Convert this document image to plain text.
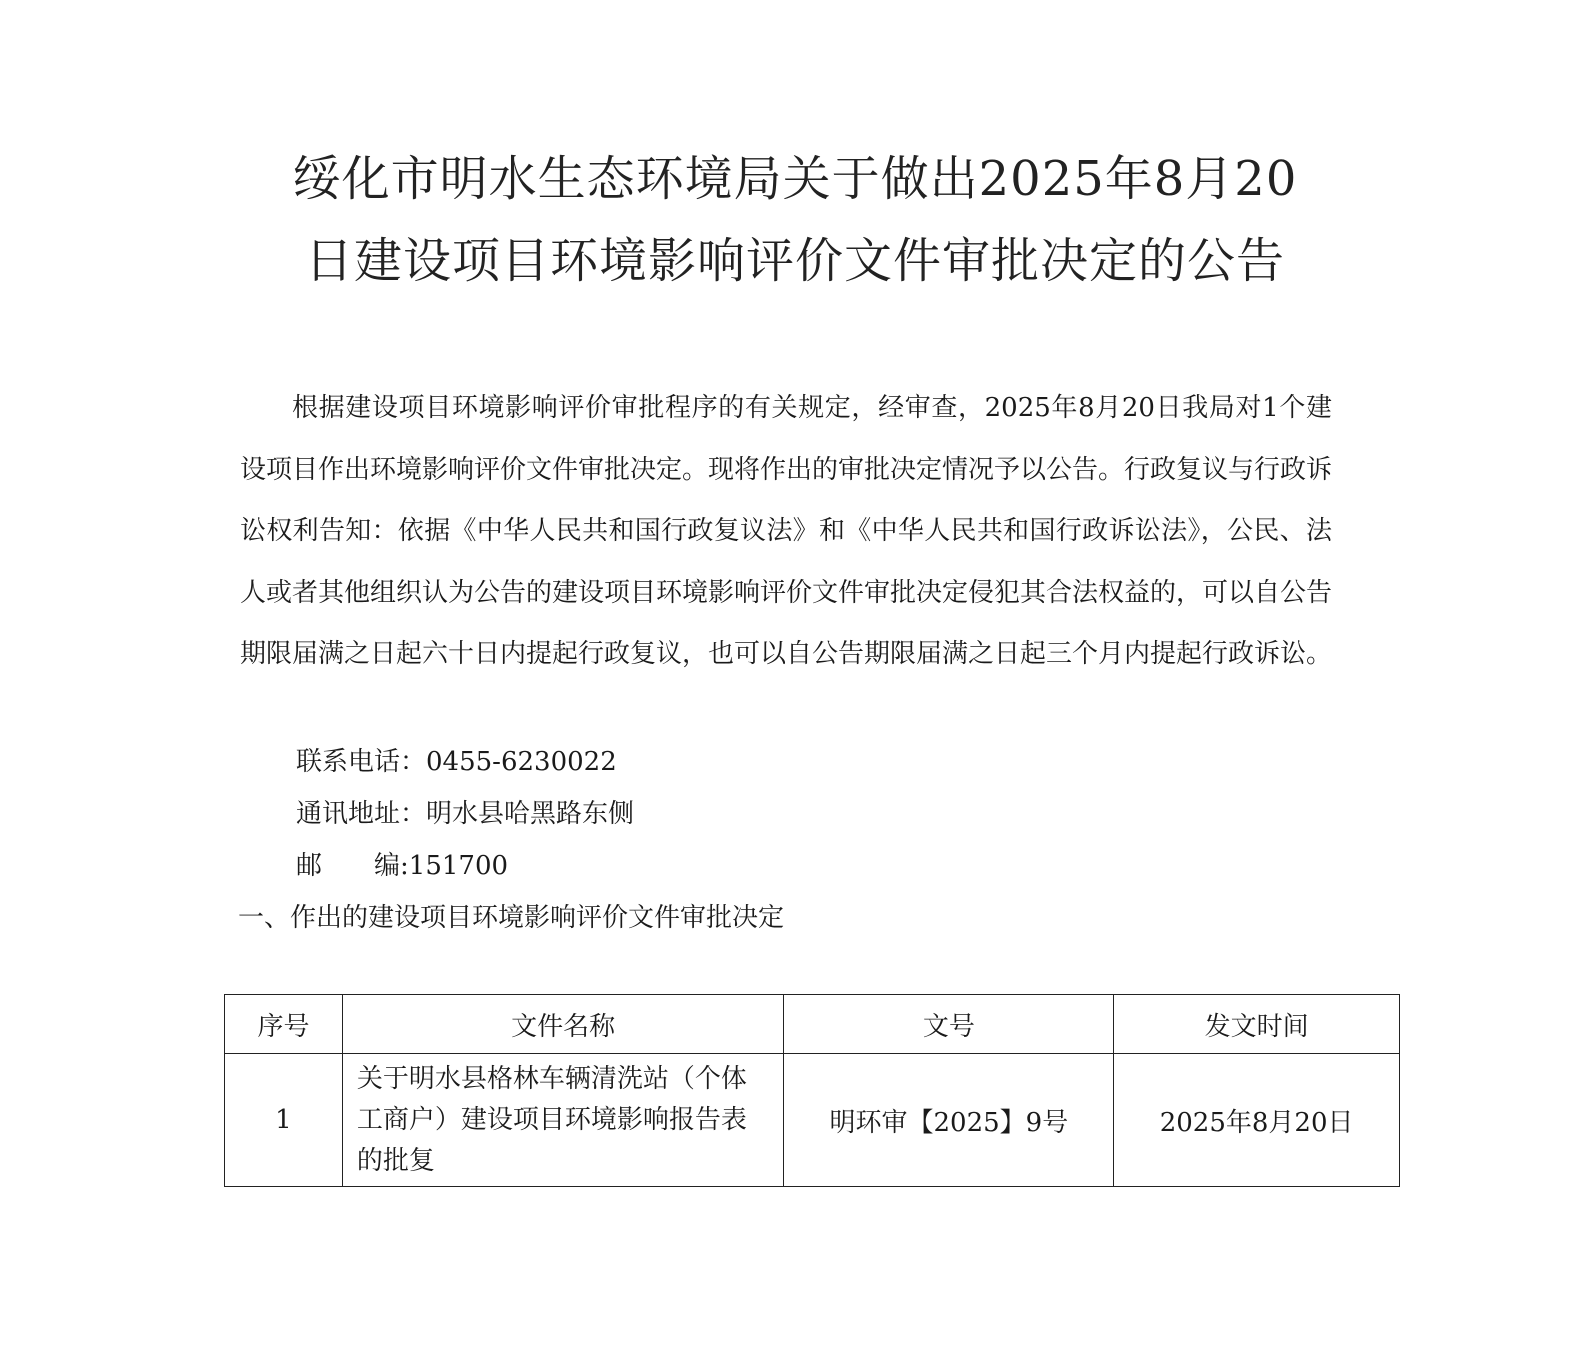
绥化市明水生态环境局关于做出2025年8月20
日建设项目环境影响评价文件审批决定的公告

根据建设项目环境影响评价审批程序的有关规定，经审查，2025年8月20日我局对1个建设项目作出环境影响评价文件审批决定。现将作出的审批决定情况予以公告。行政复议与行政诉讼权利告知：依据《中华人民共和国行政复议法》和《中华人民共和国行政诉讼法》，公民、法人或者其他组织认为公告的建设项目环境影响评价文件审批决定侵犯其合法权益的，可以自公告期限届满之日起六十日内提起行政复议，也可以自公告期限届满之日起三个月内提起行政诉讼。

联系电话：0455-6230022
通讯地址：明水县哈黑路东侧
邮 编:151700
一、作出的建设项目环境影响评价文件审批决定
序号	文件名称	文号	发文时间
1	关于明水县格林车辆清洗站（个体工商户）建设项目环境影响报告表的批复	明环审【2025】9号	2025年8月20日
